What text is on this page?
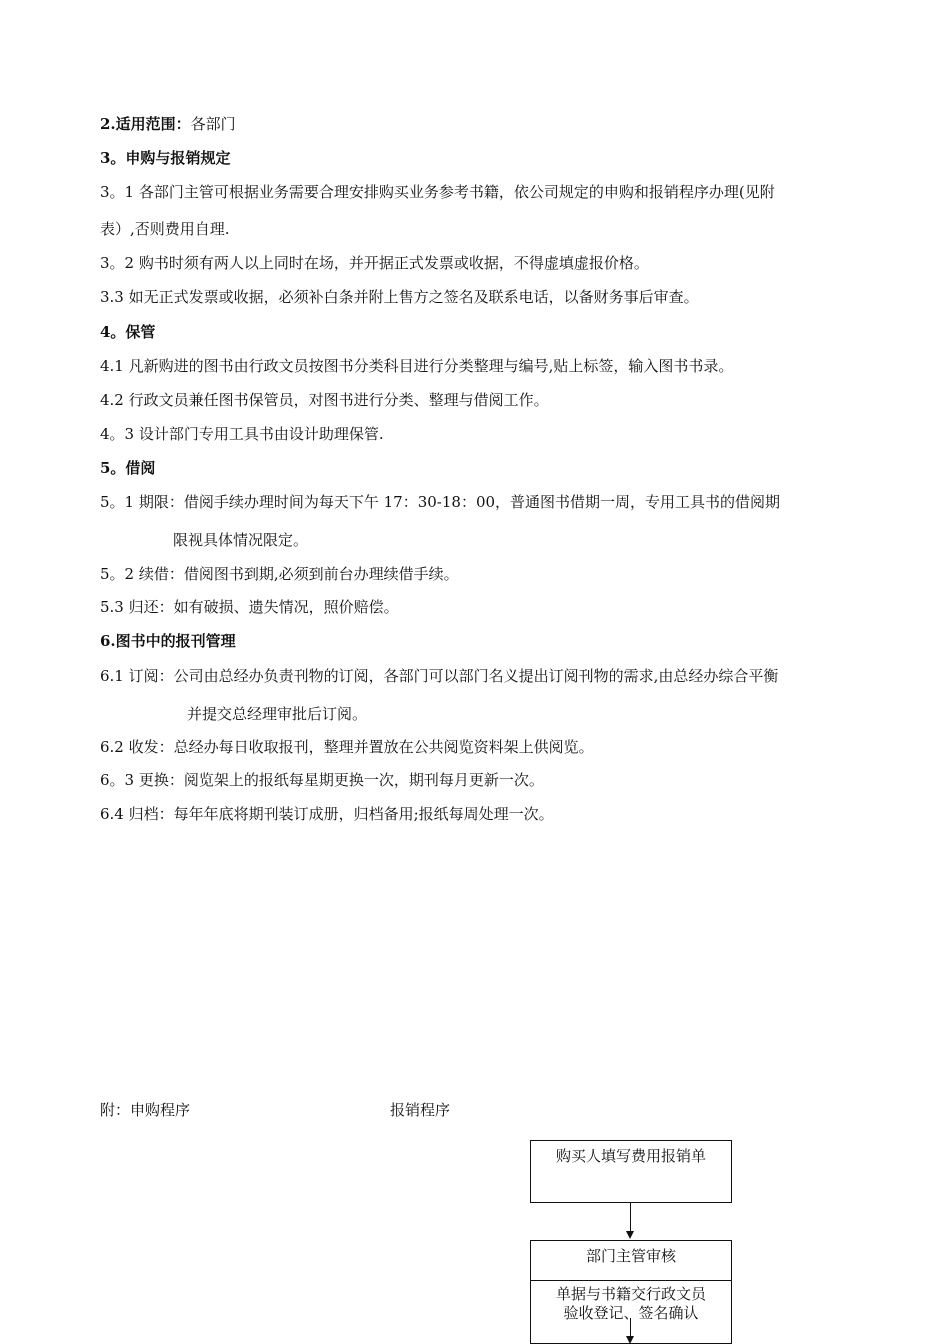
2.适用范围：各部门
3。申购与报销规定
3。1 各部门主管可根据业务需要合理安排购买业务参考书籍，依公司规定的申购和报销程序办理(见附
表）,否则费用自理.
3。2 购书时须有两人以上同时在场，并开据正式发票或收据，不得虚填虚报价格。
3.3 如无正式发票或收据，必须补白条并附上售方之签名及联系电话，以备财务事后审查。
4。保管
4.1 凡新购进的图书由行政文员按图书分类科目进行分类整理与编号,贴上标签，输入图书书录。
4.2 行政文员兼任图书保管员，对图书进行分类、整理与借阅工作。
4。3 设计部门专用工具书由设计助理保管.
5。借阅
5。1 期限：借阅手续办理时间为每天下午 17：30-18：00，普通图书借期一周，专用工具书的借阅期
限视具体情况限定。
5。2 续借：借阅图书到期,必须到前台办理续借手续。
5.3 归还：如有破损、遗失情况，照价赔偿。
6.图书中的报刊管理
6.1 订阅：公司由总经办负责刊物的订阅，各部门可以部门名义提出订阅刊物的需求,由总经办综合平衡
并提交总经理审批后订阅。
6.2 收发：总经办每日收取报刊，整理并置放在公共阅览资料架上供阅览。
6。3 更换：阅览架上的报纸每星期更换一次，期刊每月更新一次。
6.4 归档：每年年底将期刊装订成册，归档备用;报纸每周处理一次。
附：申购程序	报销程序
购买人填写费用报销单
部门主管审核
单据与书籍交行政文员
验收登记、签名确认
